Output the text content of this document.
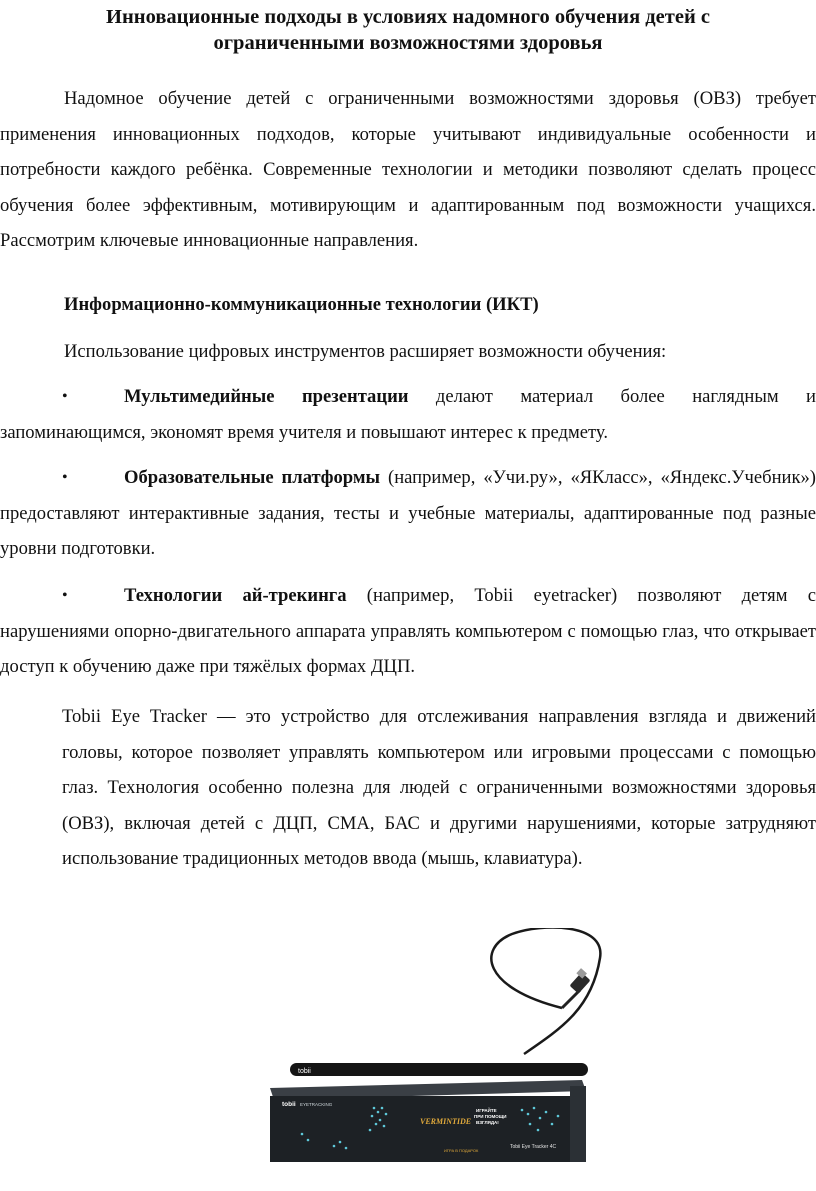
Инновационные подходы в условиях надомного обучения детей с
ограниченными возможностями здоровья

Надомное обучение детей с ограниченными возможностями здоровья (ОВЗ) требует применения инновационных подходов, которые учитывают индивидуальные особенности и потребности каждого ребёнка. Современные технологии и методики позволяют сделать процесс обучения более эффективным, мотивирующим и адаптированным под возможности учащихся. Рассмотрим ключевые инновационные направления.

Информационно-коммуникационные технологии (ИКТ)

Использование цифровых инструментов расширяет возможности обучения:

•	Мультимедийные презентации делают материал более наглядным и запоминающимся, экономят время учителя и повышают интерес к предмету.

•	Образовательные платформы (например, «Учи.ру», «ЯКласс», «Яндекс.Учебник») предоставляют интерактивные задания, тесты и учебные материалы, адаптированные под разные уровни подготовки.

•	Технологии ай-трекинга (например, Tobii eyetracker) позволяют детям с нарушениями опорно-двигательного аппарата управлять компьютером с помощью глаз, что открывает доступ к обучению даже при тяжёлых формах ДЦП.

Tobii Eye Tracker — это устройство для отслеживания направления взгляда и движений головы, которое позволяет управлять компьютером или игровыми процессами с помощью глаз. Технология особенно полезна для людей с ограниченными возможностями здоровья (ОВЗ), включая детей с ДЦП, СМА, БАС и другими нарушениями, которые затрудняют использование традиционных методов ввода (мышь, клавиатура).

tobii
tobii EYETRACKING
VERMINTIDE
ИГРАЙТЕ
ПРИ ПОМОЩИ
ВЗГЛЯДА!
ИГРА В ПОДАРОК
Tobii Eye Tracker 4C
